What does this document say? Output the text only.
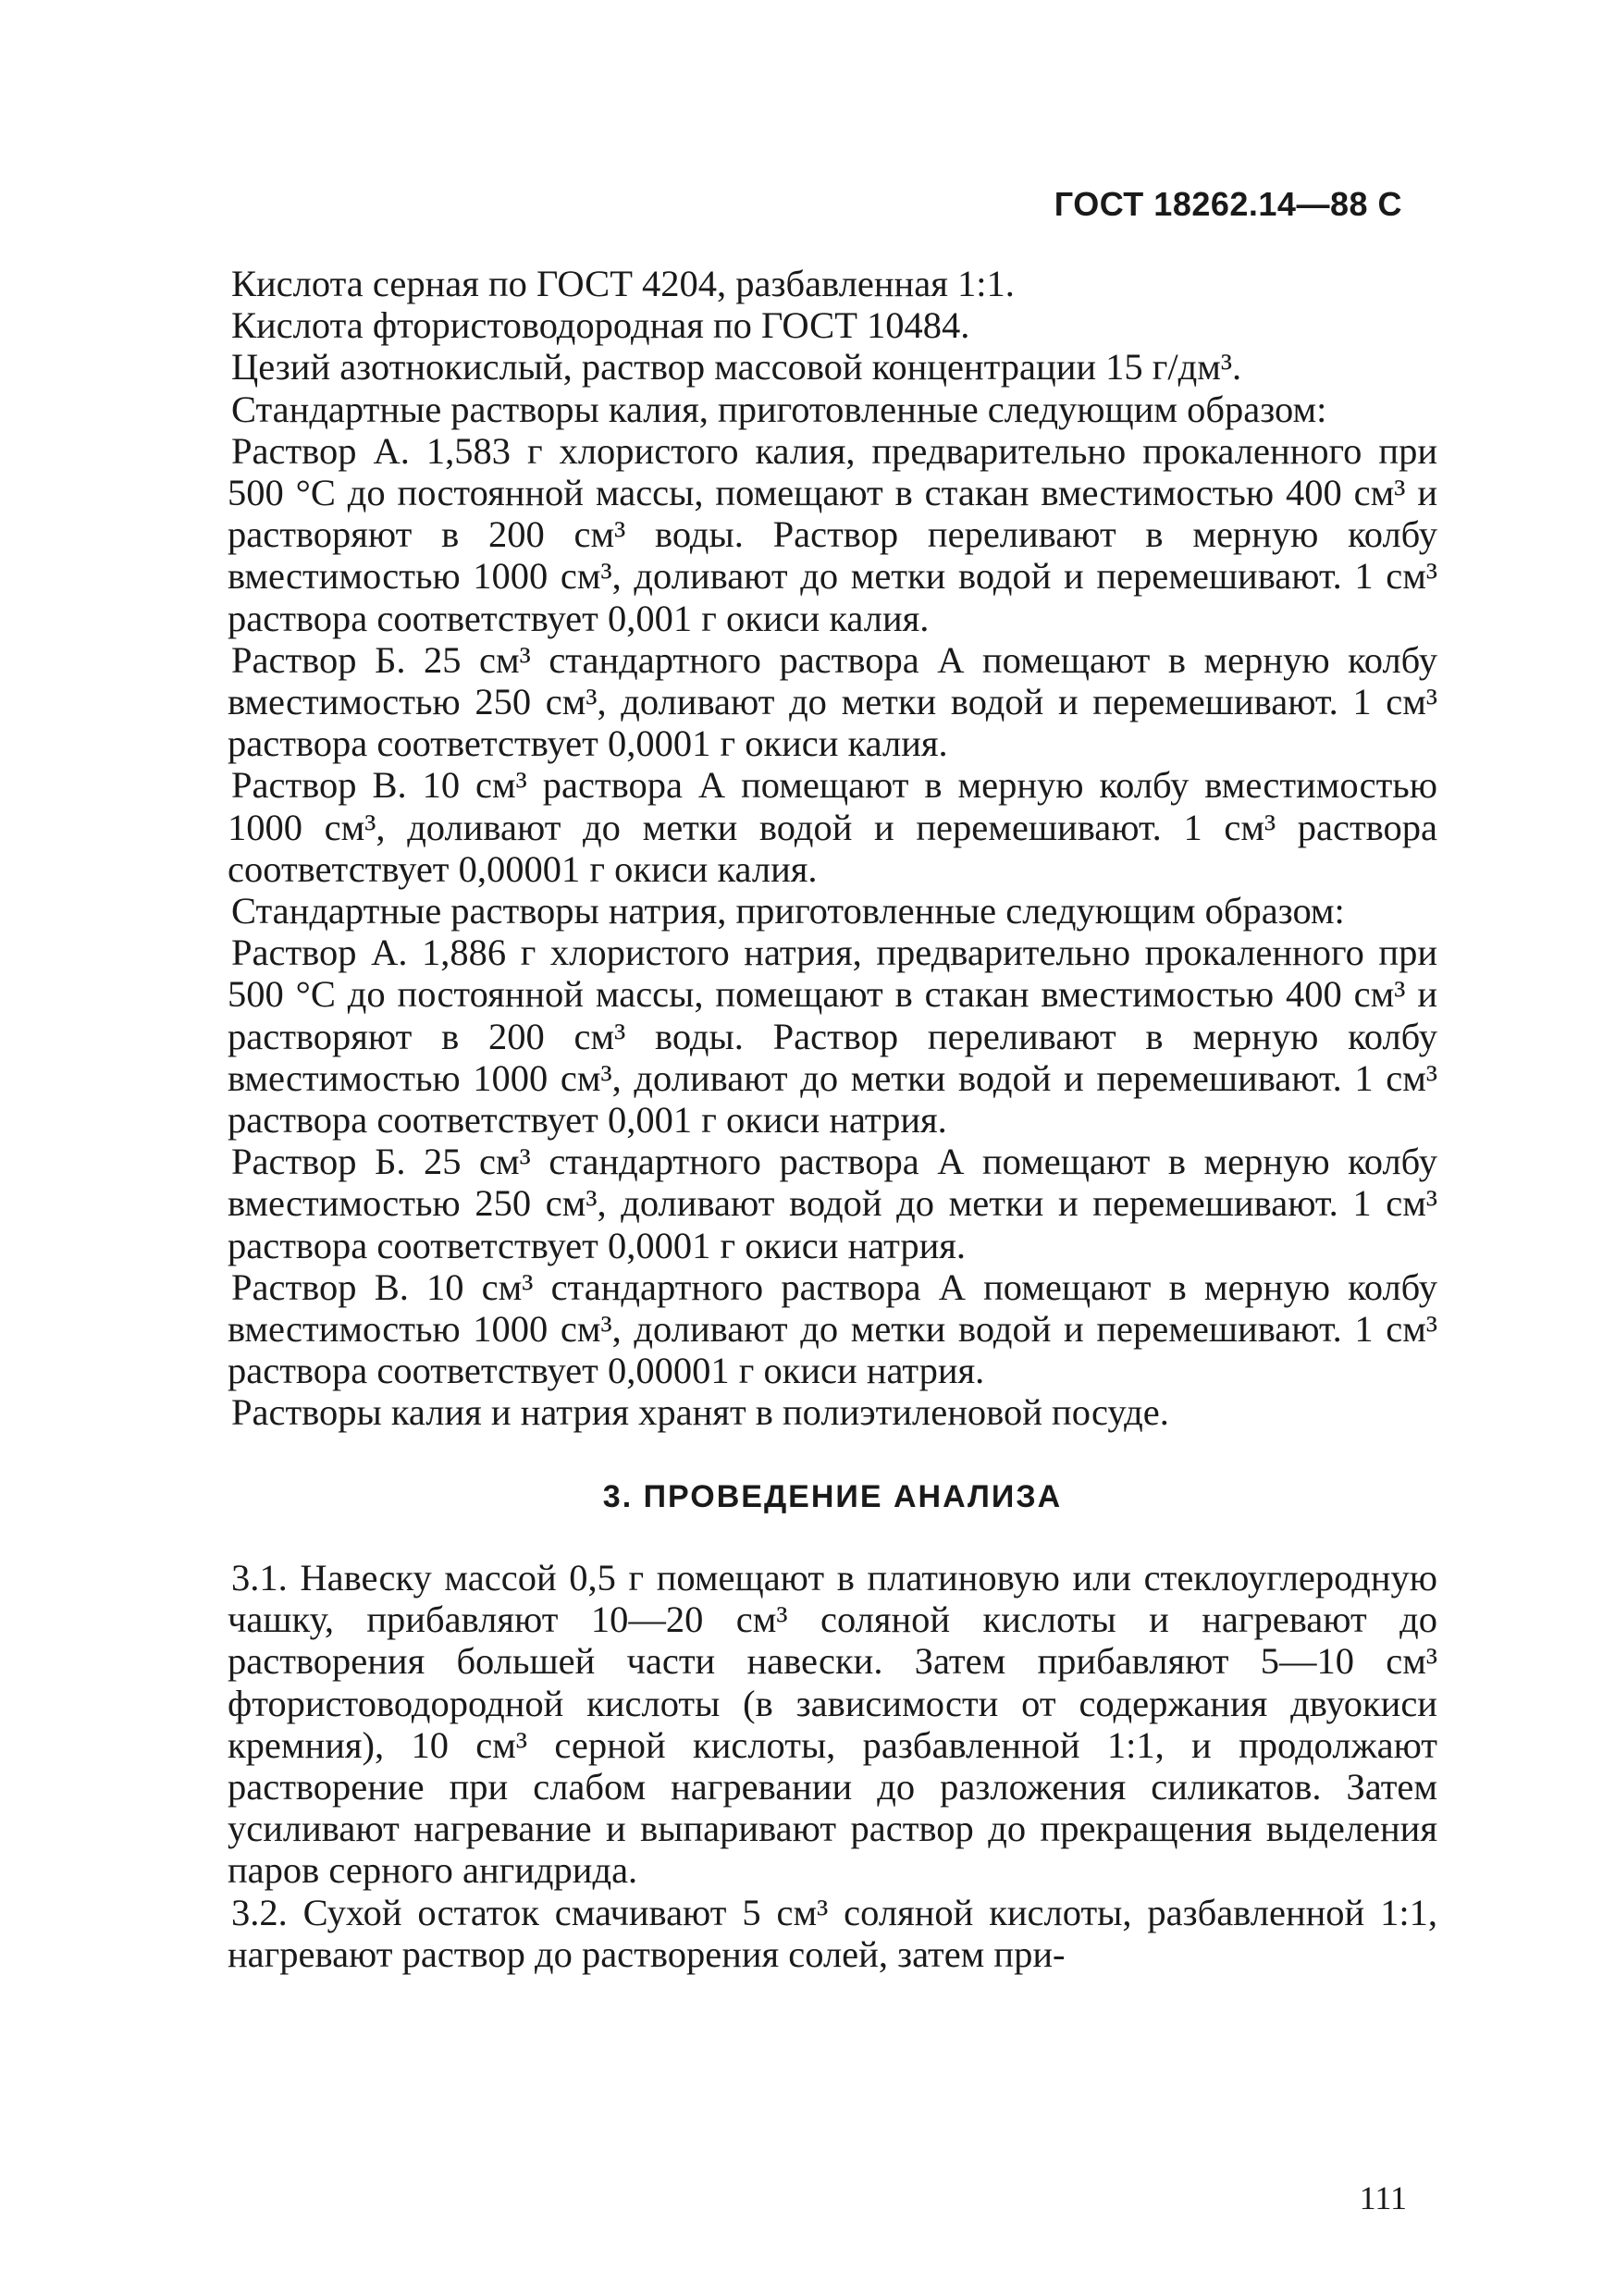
ГОСТ 18262.14—88 С

Кислота серная по ГОСТ 4204, разбавленная 1:1.

Кислота фтористоводородная по ГОСТ 10484.

Цезий азотнокислый, раствор массовой концентрации 15 г/дм³.

Стандартные растворы калия, приготовленные следующим образом:

Раствор А. 1,583 г хлористого калия, предварительно прокаленного при 500 °С до постоянной массы, помещают в стакан вместимостью 400 см³ и растворяют в 200 см³ воды. Раствор переливают в мерную колбу вместимостью 1000 см³, доливают до метки водой и перемешивают. 1 см³ раствора соответствует 0,001 г окиси калия.

Раствор Б. 25 см³ стандартного раствора А помещают в мерную колбу вместимостью 250 см³, доливают до метки водой и перемешивают. 1 см³ раствора соответствует 0,0001 г окиси калия.

Раствор В. 10 см³ раствора А помещают в мерную колбу вместимостью 1000 см³, доливают до метки водой и перемешивают. 1 см³ раствора соответствует 0,00001 г окиси калия.

Стандартные растворы натрия, приготовленные следующим образом:

Раствор А. 1,886 г хлористого натрия, предварительно прокаленного при 500 °С до постоянной массы, помещают в стакан вместимостью 400 см³ и растворяют в 200 см³ воды. Раствор переливают в мерную колбу вместимостью 1000 см³, доливают до метки водой и перемешивают. 1 см³ раствора соответствует 0,001 г окиси натрия.

Раствор Б. 25 см³ стандартного раствора А помещают в мерную колбу вместимостью 250 см³, доливают водой до метки и перемешивают. 1 см³ раствора соответствует 0,0001 г окиси натрия.

Раствор В. 10 см³ стандартного раствора А помещают в мерную колбу вместимостью 1000 см³, доливают до метки водой и перемешивают. 1 см³ раствора соответствует 0,00001 г окиси натрия.

Растворы калия и натрия хранят в полиэтиленовой посуде.

3. ПРОВЕДЕНИЕ АНАЛИЗА

3.1. Навеску массой 0,5 г помещают в платиновую или стеклоуглеродную чашку, прибавляют 10—20 см³ соляной кислоты и нагревают до растворения большей части навески. Затем прибавляют 5—10 см³ фтористоводородной кислоты (в зависимости от содержания двуокиси кремния), 10 см³ серной кислоты, разбавленной 1:1, и продолжают растворение при слабом нагревании до разложения силикатов. Затем усиливают нагревание и выпаривают раствор до прекращения выделения паров серного ангидрида.

3.2. Сухой остаток смачивают 5 см³ соляной кислоты, разбавленной 1:1, нагревают раствор до растворения солей, затем при-

111
